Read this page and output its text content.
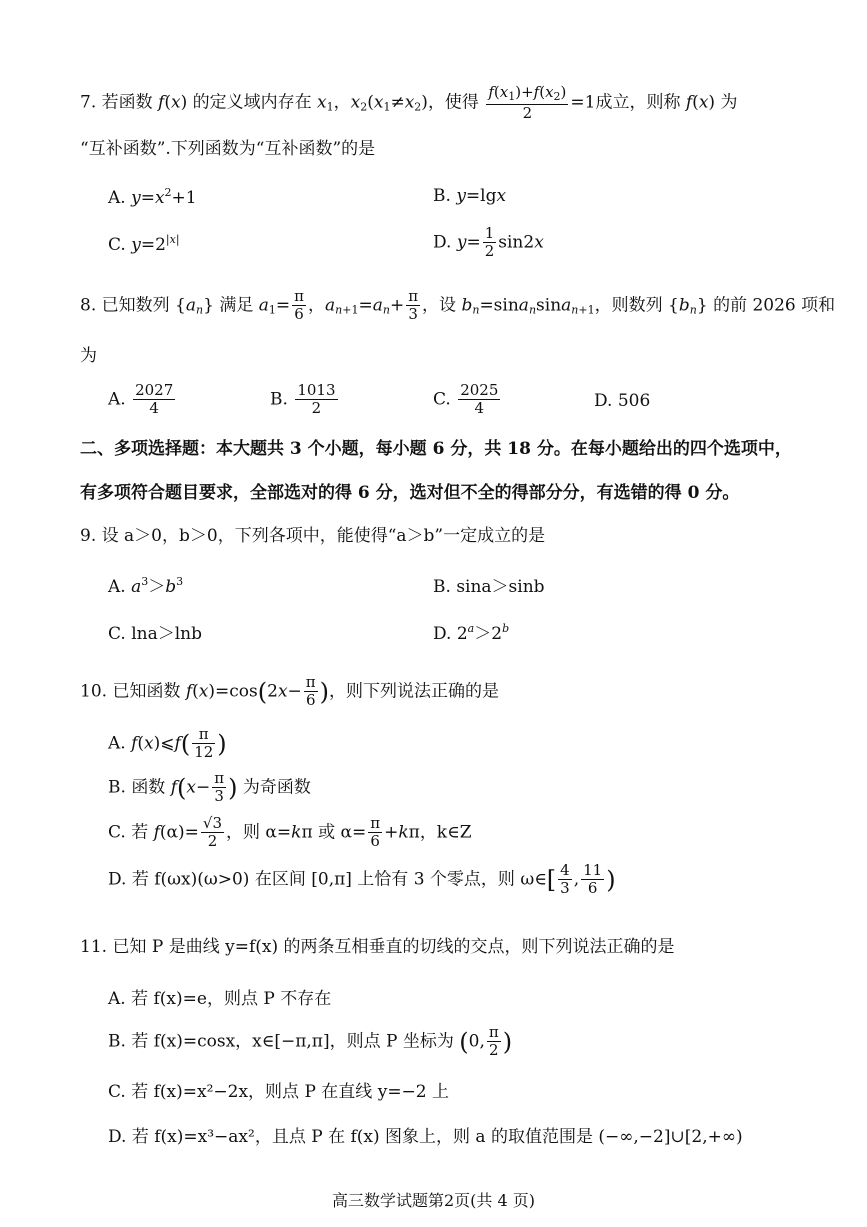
7. 若函数 f(x) 的定义域内存在 $x_1$，$x_2(x_1\ne x_2)$，使得 $\frac{f(x_1)+f(x_2)}{2} =1$成立，则称 f(x) 为
“互补函数”.下列函数为“互补函数”的是
A. $y=x^2+1$	B. y=lgx
C. $y=2^{|x|}$	D. $y= \frac{1}{2} \sin 2x$
8. 已知数列 $\{a_n\}$ 满足 $a_1= \frac{\pi}{6}$ ，$a_{n+1}=a_n+ \frac{\pi}{3}$ ，设 $b_n=\sin a_n\sin a_{n+1}$，则数列 $\{b_n\}$ 的前 2026 项和
为
A. $\frac{2027}{4}$	B. $\frac{1013}{2}$	C. $\frac{2025}{4}$	D. 506
二、多项选择题：本大题共 3 个小题，每小题 6 分，共 18 分。在每小题给出的四个选项中，有多项符合题目要求，全部选对的得 6 分，选对但不全的得部分分，有选错的得 0 分。
9. 设 a＞0，b＞0，下列各项中，能使得“a＞b”一定成立的是
A. $a^3>b^3$	B. sina＞sinb
C. lna＞lnb	D. $2^a>2^b$
10. 已知函数 $f(x)=\cos(2x- \frac{\pi}{6}$ )，则下列说法正确的是
A. f(x)⩽f( $\frac{\pi}{12}$ )
B. 函数 $f(x- \frac{\pi}{3}$ ) 为奇函数
C. 若 $f(\alpha)= \frac{√3}{2}$ ，则 α=kπ 或 $\alpha= \frac{\pi}{6} +k\pi$，k∈Z
D. 若 f(ωx)(ω>0) 在区间 [0,π] 上恰有 3 个零点，则 ω∈[ $\frac{4}{3}$ , $\frac{11}{6}$ )
11. 已知 P 是曲线 y=f(x) 的两条互相垂直的切线的交点，则下列说法正确的是
A. 若 f(x)=e，则点 P 不存在
B. 若 f(x)=cosx，x∈[−π,π]，则点 P 坐标为 (0, $\frac{\pi}{2}$ )
C. 若 f(x)=x²−2x，则点 P 在直线 y=−2 上
D. 若 f(x)=x³−ax²，且点 P 在 f(x) 图象上，则 a 的取值范围是 (−∞,−2]∪[2,+∞)
高三数学试题第2页(共 4 页)
